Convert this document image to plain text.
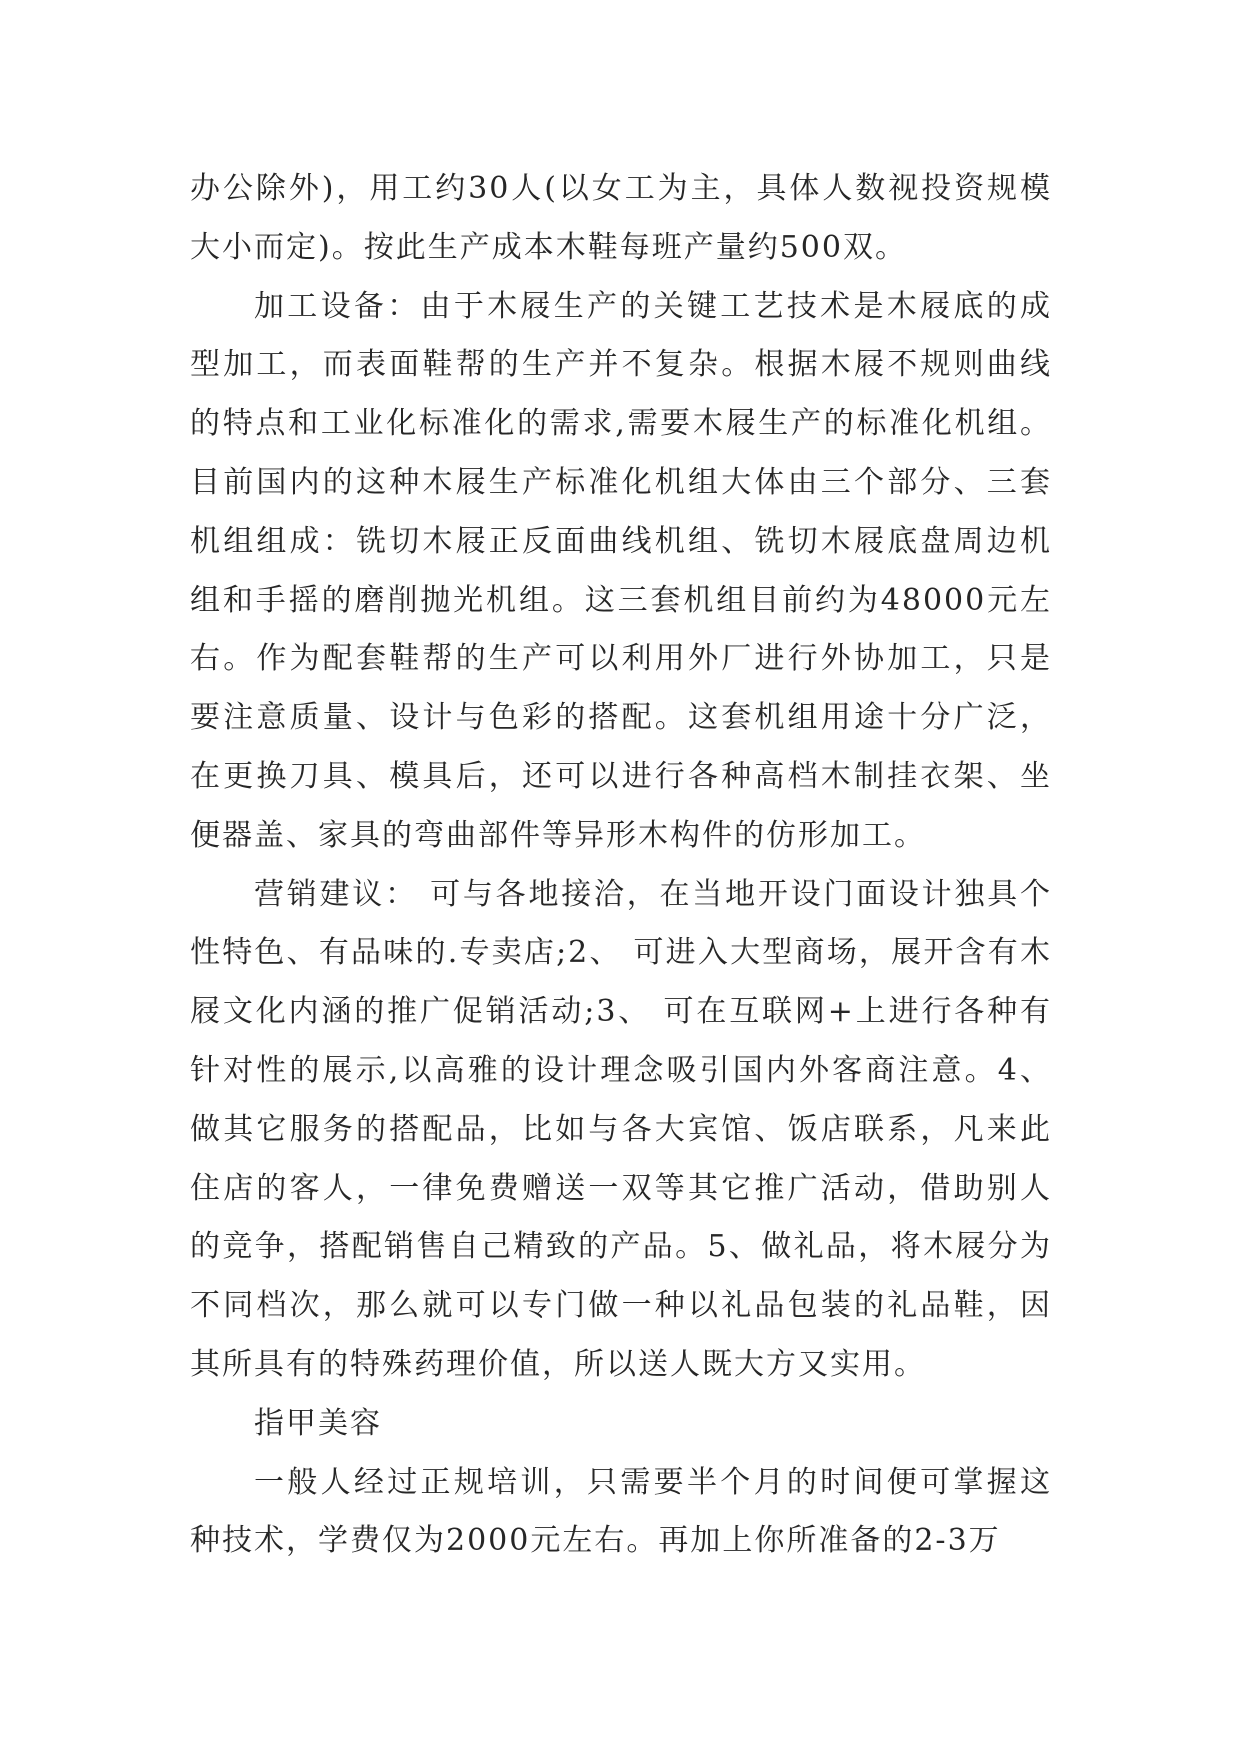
办公除外)，用工约30人(以女工为主，具体人数视投资规模大小而定)。按此生产成本木鞋每班产量约500双。

加工设备：由于木屐生产的关键工艺技术是木屐底的成型加工，而表面鞋帮的生产并不复杂。根据木屐不规则曲线的特点和工业化标准化的需求,需要木屐生产的标准化机组。目前国内的这种木屐生产标准化机组大体由三个部分、三套机组组成：铣切木屐正反面曲线机组、铣切木屐底盘周边机组和手摇的磨削抛光机组。这三套机组目前约为48000元左右。作为配套鞋帮的生产可以利用外厂进行外协加工，只是要注意质量、设计与色彩的搭配。这套机组用途十分广泛，在更换刀具、模具后，还可以进行各种高档木制挂衣架、坐便器盖、家具的弯曲部件等异形木构件的仿形加工。

营销建议： 可与各地接洽，在当地开设门面设计独具个性特色、有品味的.专卖店;2、 可进入大型商场，展开含有木屐文化内涵的推广促销活动;3、 可在互联网+上进行各种有针对性的展示,以高雅的设计理念吸引国内外客商注意。4、 做其它服务的搭配品，比如与各大宾馆、饭店联系，凡来此住店的客人，一律免费赠送一双等其它推广活动，借助别人的竞争，搭配销售自己精致的产品。5、做礼品，将木屐分为不同档次，那么就可以专门做一种以礼品包装的礼品鞋，因其所具有的特殊药理价值，所以送人既大方又实用。

指甲美容

一般人经过正规培训，只需要半个月的时间便可掌握这种技术，学费仅为2000元左右。再加上你所准备的2-3万
